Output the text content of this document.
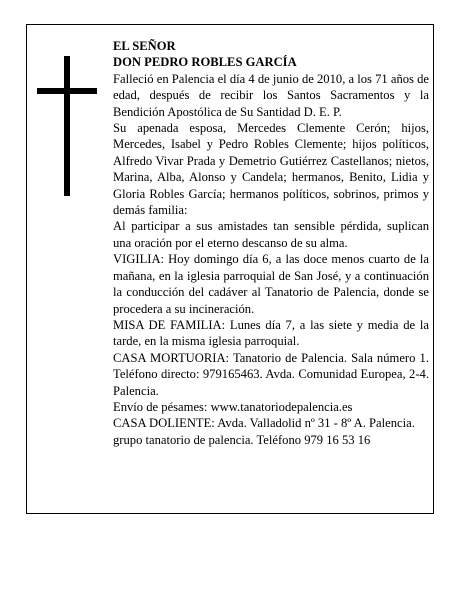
EL SEÑOR

DON PEDRO ROBLES GARCÍA

Falleció en Palencia el día 4 de junio de 2010, a los 71 años de edad, después de recibir los Santos Sacramentos y la Bendición Apostólica de Su Santidad D. E. P.

Su apenada esposa, Mercedes Clemente Cerón; hijos, Mercedes, Isabel y Pedro Robles Clemente; hijos políticos, Alfredo Vivar Prada y Demetrio Gutiérrez Castellanos; nietos, Marina, Alba, Alonso y Candela; hermanos, Benito, Lidia y Gloria Robles García; hermanos políticos, sobrinos, primos y demás familia:

Al participar a sus amistades tan sensible pérdida, suplican una oración por el eterno descanso de su alma.

VIGILIA: Hoy domingo día 6, a las doce menos cuarto de la mañana, en la iglesia parroquial de San José, y a continuación la conducción del cadáver al Tanatorio de Palencia, donde se procedera a su incineración.

MISA DE FAMILIA: Lunes día 7, a las siete y media de la tarde, en la misma iglesia parroquial.

CASA MORTUORIA: Tanatorio de Palencia. Sala número 1. Teléfono directo: 979165463. Avda. Comunidad Europea, 2-4. Palencia.

Envío de pésames: www.tanatoriodepalencia.es

CASA DOLIENTE: Avda. Valladolid nº 31 - 8º A. Palencia.

grupo tanatorio de palencia. Teléfono 979 16 53 16
